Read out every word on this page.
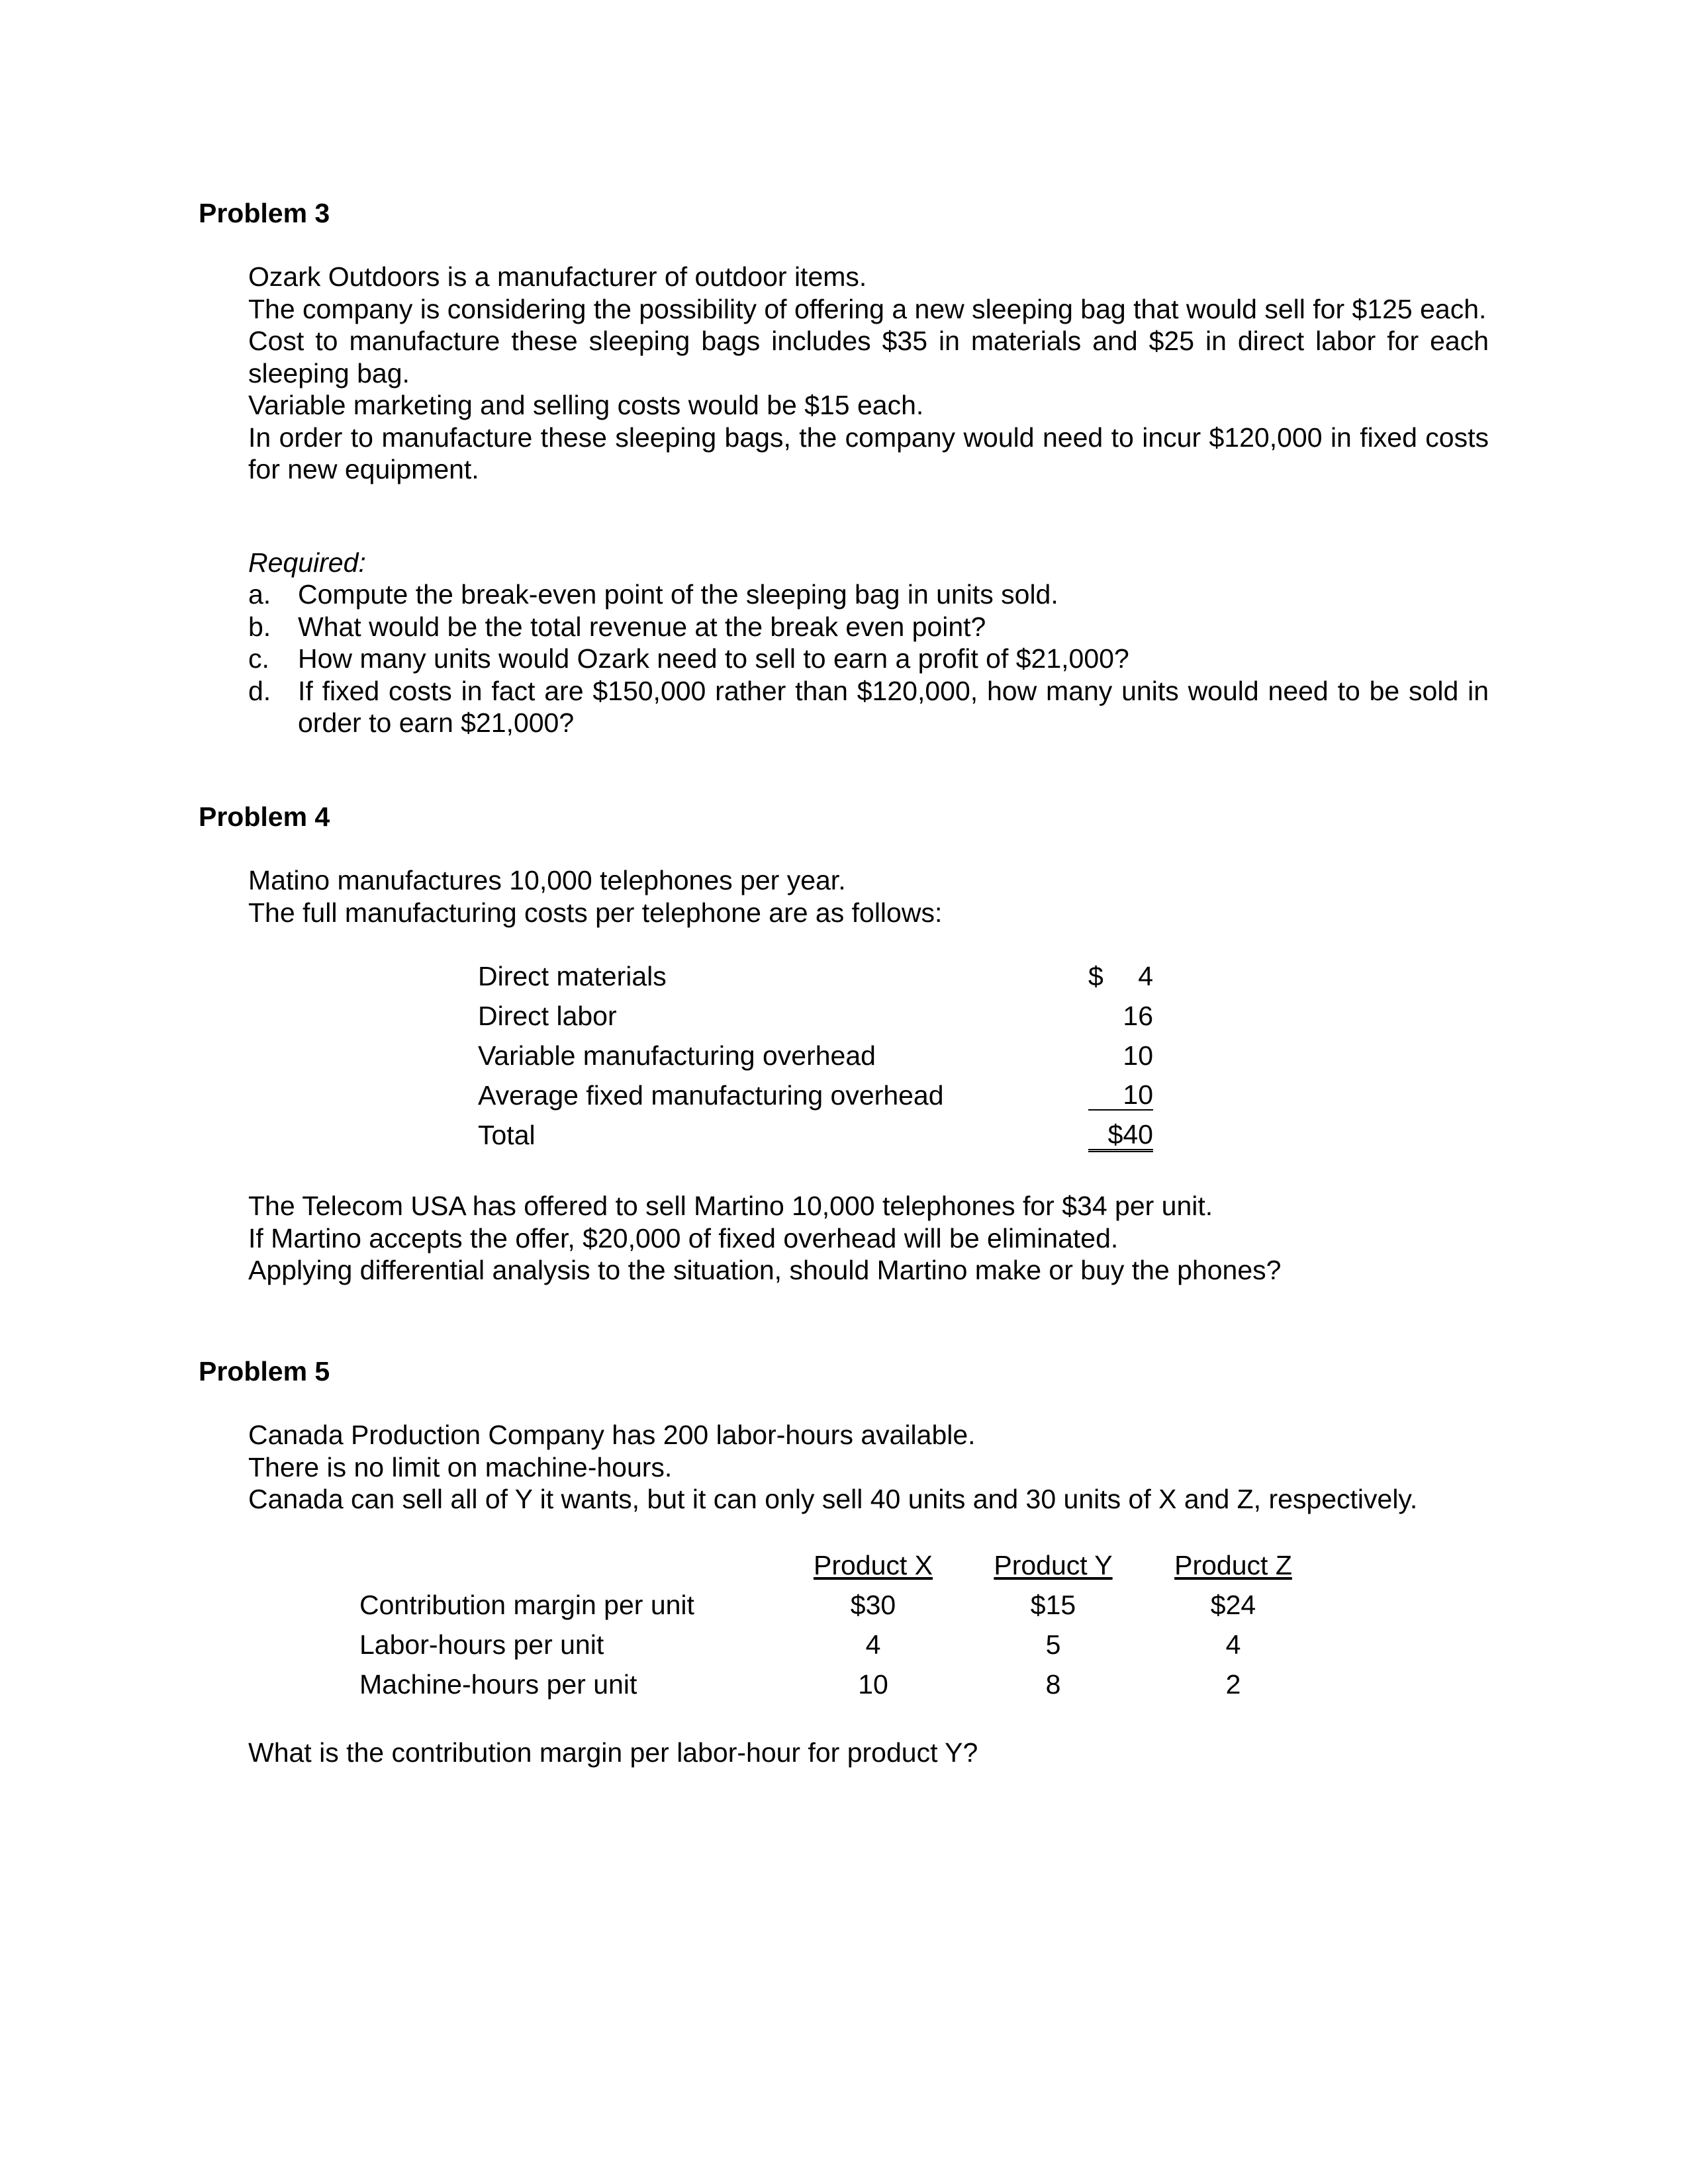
Problem 3

Ozark Outdoors is a manufacturer of outdoor items.

The company is considering the possibility of offering a new sleeping bag that would sell for $125 each.

Cost to manufacture these sleeping bags includes $35 in materials and $25 in direct labor for each sleeping bag.

Variable marketing and selling costs would be $15 each.

In order to manufacture these sleeping bags, the company would need to incur $120,000 in fixed costs for new equipment.

Required:

a. Compute the break-even point of the sleeping bag in units sold.
b. What would be the total revenue at the break even point?
c. How many units would Ozark need to sell to earn a profit of $21,000?
d. If fixed costs in fact are $150,000 rather than $120,000, how many units would need to be sold in order to earn $21,000?
Problem 4

Matino manufactures 10,000 telephones per year.

The full manufacturing costs per telephone are as follows:

Direct materials	$	4
Direct labor	16
Variable manufacturing overhead	10
Average fixed manufacturing overhead	10
Total	$40

The Telecom USA has offered to sell Martino 10,000 telephones for $34 per unit.

If Martino accepts the offer, $20,000 of fixed overhead will be eliminated.

Applying differential analysis to the situation, should Martino make or buy the phones?

Problem 5

Canada Production Company has 200 labor-hours available.

There is no limit on machine-hours.

Canada can sell all of Y it wants, but it can only sell 40 units and 30 units of X and Z, respectively.

Product X Product Y Product Z
Contribution margin per unit	$30	$15	$24
Labor-hours per unit	4	5	4
Machine-hours per unit	10	8	2

What is the contribution margin per labor-hour for product Y?
